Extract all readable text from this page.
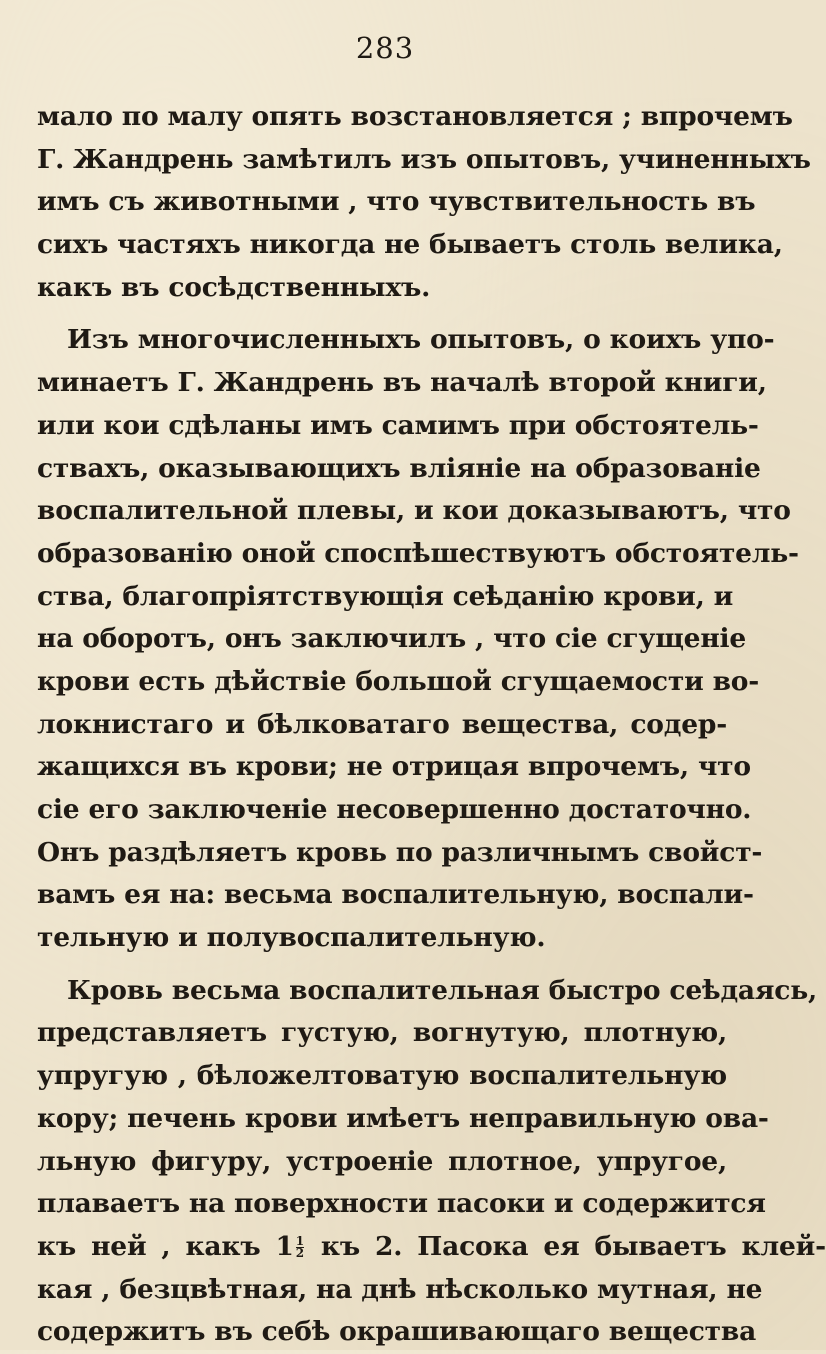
283
мало по малу опять возстановляется ; впрочемъ
Г. Жандрень замѣтилъ изъ опытовъ, учиненныхъ
имъ съ животными , что чувствительность въ
сихъ частяхъ никогда не бываетъ столь велика,
какъ въ сосѣдственныхъ.
Изъ многочисленныхъ опытовъ, о коихъ упо-
минаетъ Г. Жандрень въ началѣ второй книги,
или кои сдѣланы имъ самимъ при обстоятель-
ствахъ, оказывающихъ вліяніе на образованіе
воспалительной плевы, и кои доказываютъ, что
образованію оной споспѣшествуютъ обстоятель-
ства, благопріятствующія сеѣданію крови, и
на оборотъ, онъ заключилъ , что сіе сгущеніе
крови есть дѣйствіе большой сгущаемости во-
локнистаго и бѣлковатаго вещества, содер-
жащихся въ крови; не отрицая впрочемъ, что
сіе его заключеніе несовершенно достаточно.
Онъ раздѣляетъ кровь по различнымъ свойст-
вамъ ея на: весьма воспалительную, воспали-
тельную и полувоспалительную.
Кровь весьма воспалительная быстро сеѣдаясь,
представляетъ густую, вогнутую, плотную,
упругую , бѣложелтоватую воспалительную
кору; печень крови имѣетъ неправильную ова-
льную фигуру, устроеніе плотное, упругое,
плаваетъ на поверхности пасоки и содержится
къ ней , какъ $1 \frac{1}{2}$ къ 2. Пасока ея бываетъ клей-
кая , безцвѣтная, на днѣ нѣсколько мутная, не
содержитъ въ себѣ окрашивающаго вещества
